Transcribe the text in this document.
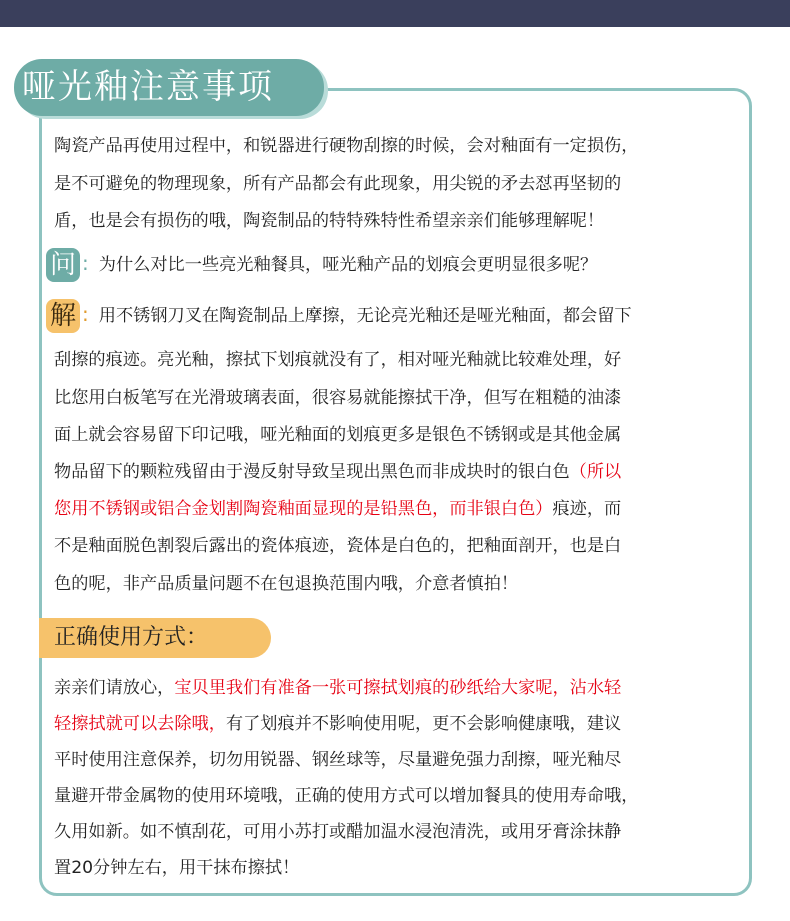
哑光釉注意事项

陶瓷产品再使用过程中，和锐器进行硬物刮擦的时候，会对釉面有一定损伤，

是不可避免的物理现象，所有产品都会有此现象，用尖锐的矛去怼再坚韧的

盾，也是会有损伤的哦，陶瓷制品的特特殊特性希望亲亲们能够理解呢！

问 : 为什么对比一些亮光釉餐具，哑光釉产品的划痕会更明显很多呢？

解 : 用不锈钢刀叉在陶瓷制品上摩擦，无论亮光釉还是哑光釉面，都会留下

刮擦的痕迹。亮光釉，擦拭下划痕就没有了，相对哑光釉就比较难处理，好

比您用白板笔写在光滑玻璃表面，很容易就能擦拭干净，但写在粗糙的油漆

面上就会容易留下印记哦，哑光釉面的划痕更多是银色不锈钢或是其他金属

物品留下的颗粒残留由于漫反射导致呈现出黑色而非成块时的银白色（所以

您用不锈钢或铝合金划割陶瓷釉面显现的是铅黑色，而非银白色）痕迹，而

不是釉面脱色割裂后露出的瓷体痕迹，瓷体是白色的，把釉面剖开，也是白

色的呢，非产品质量问题不在包退换范围内哦，介意者慎拍！

正确使用方式：

亲亲们请放心，宝贝里我们有准备一张可擦拭划痕的砂纸给大家呢，沾水轻

轻擦拭就可以去除哦，有了划痕并不影响使用呢，更不会影响健康哦，建议

平时使用注意保养，切勿用锐器、钢丝球等，尽量避免强力刮擦，哑光釉尽

量避开带金属物的使用环境哦，正确的使用方式可以增加餐具的使用寿命哦，

久用如新。如不慎刮花，可用小苏打或醋加温水浸泡清洗，或用牙膏涂抹静

置20分钟左右，用干抹布擦拭！
